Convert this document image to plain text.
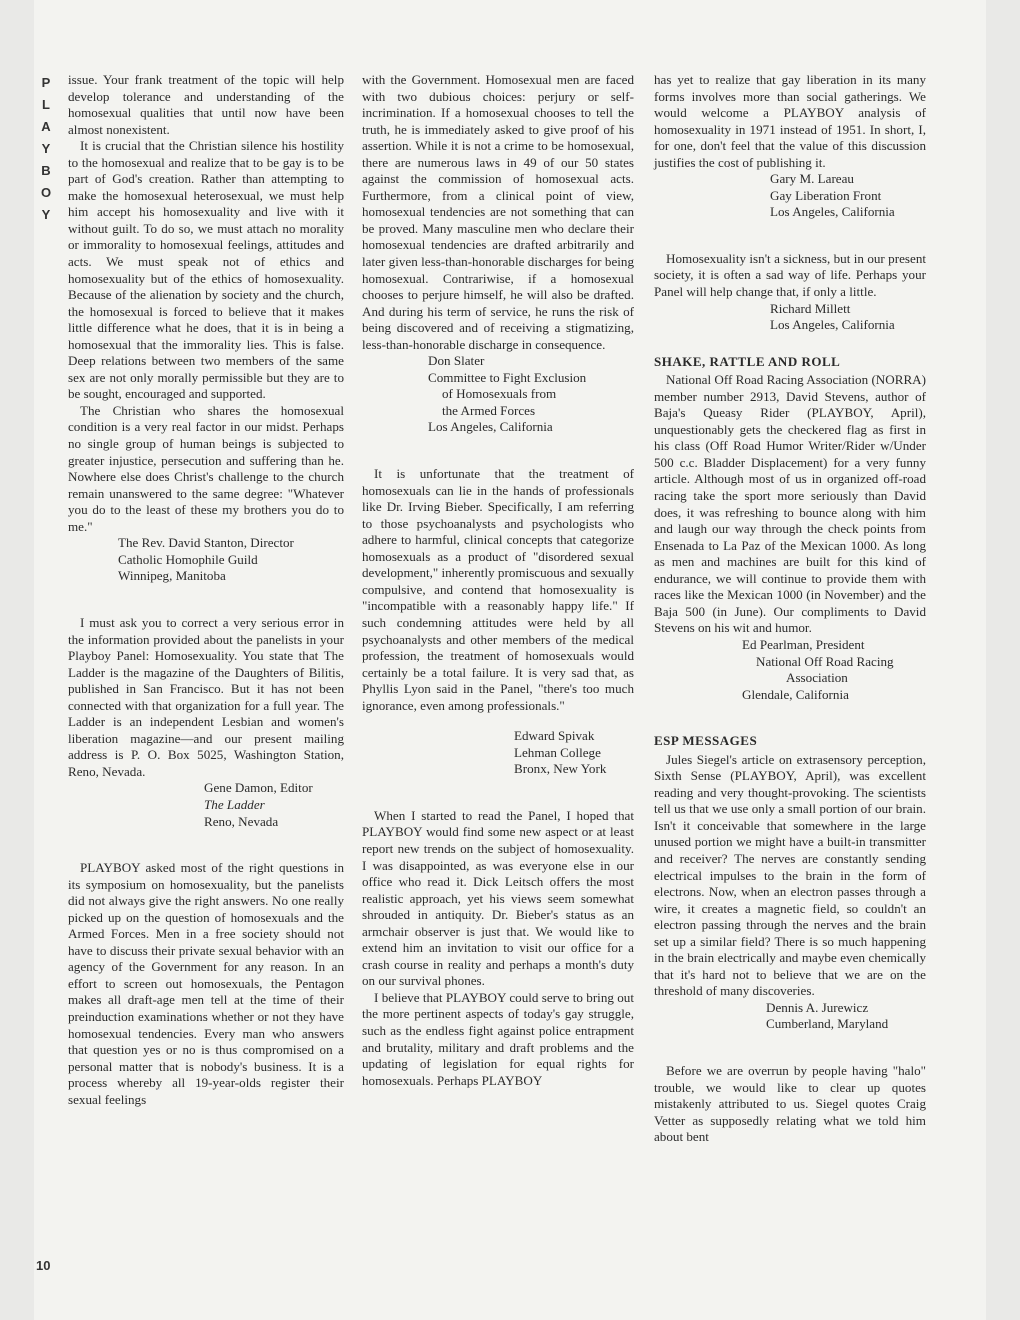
P
L
A
Y
B
O
Y
10

issue. Your frank treatment of the topic will help develop tolerance and understanding of the homosexual qualities that until now have been almost nonexistent.

It is crucial that the Christian silence his hostility to the homosexual and realize that to be gay is to be part of God's creation. Rather than attempting to make the homosexual heterosexual, we must help him accept his homosexuality and live with it without guilt. To do so, we must attach no morality or immorality to homosexual feelings, attitudes and acts. We must speak not of ethics and homosexuality but of the ethics of homosexuality. Because of the alienation by society and the church, the homosexual is forced to believe that it makes little difference what he does, that it is in being a homosexual that the immorality lies. This is false. Deep relations between two members of the same sex are not only morally permissible but they are to be sought, encouraged and supported.

The Christian who shares the homosexual condition is a very real factor in our midst. Perhaps no single group of human beings is subjected to greater injustice, persecution and suffering than he. Nowhere else does Christ's challenge to the church remain unanswered to the same degree: "Whatever you do to the least of these my brothers you do to me."

The Rev. David Stanton, Director
Catholic Homophile Guild
Winnipeg, Manitoba

I must ask you to correct a very serious error in the information provided about the panelists in your Playboy Panel: Homosexuality. You state that The Ladder is the magazine of the Daughters of Bilitis, published in San Francisco. But it has not been connected with that organization for a full year. The Ladder is an independent Lesbian and women's liberation magazine—and our present mailing address is P. O. Box 5025, Washington Station, Reno, Nevada.

Gene Damon, Editor
The Ladder
Reno, Nevada

PLAYBOY asked most of the right questions in its symposium on homosexuality, but the panelists did not always give the right answers. No one really picked up on the question of homosexuals and the Armed Forces. Men in a free society should not have to discuss their private sexual behavior with an agency of the Government for any reason. In an effort to screen out homosexuals, the Pentagon makes all draft-age men tell at the time of their preinduction examinations whether or not they have homosexual tendencies. Every man who answers that question yes or no is thus compromised on a personal matter that is nobody's business. It is a process whereby all 19-year-olds register their sexual feelings

with the Government. Homosexual men are faced with two dubious choices: perjury or self-incrimination. If a homosexual chooses to tell the truth, he is immediately asked to give proof of his assertion. While it is not a crime to be homosexual, there are numerous laws in 49 of our 50 states against the commission of homosexual acts. Furthermore, from a clinical point of view, homosexual tendencies are not something that can be proved. Many masculine men who declare their homosexual tendencies are drafted arbitrarily and later given less-than-honorable discharges for being homosexual. Contrariwise, if a homosexual chooses to perjure himself, he will also be drafted. And during his term of service, he runs the risk of being discovered and of receiving a stigmatizing, less-than-honorable discharge in consequence.

Don Slater
Committee to Fight Exclusion
of Homosexuals from
the Armed Forces
Los Angeles, California

It is unfortunate that the treatment of homosexuals can lie in the hands of professionals like Dr. Irving Bieber. Specifically, I am referring to those psychoanalysts and psychologists who adhere to harmful, clinical concepts that categorize homosexuals as a product of "disordered sexual development," inherently promiscuous and sexually compulsive, and contend that homosexuality is "incompatible with a reasonably happy life." If such condemning attitudes were held by all psychoanalysts and other members of the medical profession, the treatment of homosexuals would certainly be a total failure. It is very sad that, as Phyllis Lyon said in the Panel, "there's too much ignorance, even among professionals."

Edward Spivak
Lehman College
Bronx, New York

When I started to read the Panel, I hoped that PLAYBOY would find some new aspect or at least report new trends on the subject of homosexuality. I was disappointed, as was everyone else in our office who read it. Dick Leitsch offers the most realistic approach, yet his views seem somewhat shrouded in antiquity. Dr. Bieber's status as an armchair observer is just that. We would like to extend him an invitation to visit our office for a crash course in reality and perhaps a month's duty on our survival phones.

I believe that PLAYBOY could serve to bring out the more pertinent aspects of today's gay struggle, such as the endless fight against police entrapment and brutality, military and draft problems and the updating of legislation for equal rights for homosexuals. Perhaps PLAYBOY

has yet to realize that gay liberation in its many forms involves more than social gatherings. We would welcome a PLAYBOY analysis of homosexuality in 1971 instead of 1951. In short, I, for one, don't feel that the value of this discussion justifies the cost of publishing it.

Gary M. Lareau
Gay Liberation Front
Los Angeles, California

Homosexuality isn't a sickness, but in our present society, it is often a sad way of life. Perhaps your Panel will help change that, if only a little.

Richard Millett
Los Angeles, California
SHAKE, RATTLE AND ROLL

National Off Road Racing Association (NORRA) member number 2913, David Stevens, author of Baja's Queasy Rider (PLAYBOY, April), unquestionably gets the checkered flag as first in his class (Off Road Humor Writer/Rider w/Under 500 c.c. Bladder Displacement) for a very funny article. Although most of us in organized off-road racing take the sport more seriously than David does, it was refreshing to bounce along with him and laugh our way through the check points from Ensenada to La Paz of the Mexican 1000. As long as men and machines are built for this kind of endurance, we will continue to provide them with races like the Mexican 1000 (in November) and the Baja 500 (in June). Our compliments to David Stevens on his wit and humor.

Ed Pearlman, President
National Off Road Racing
Association
Glendale, California
ESP MESSAGES

Jules Siegel's article on extrasensory perception, Sixth Sense (PLAYBOY, April), was excellent reading and very thought-provoking. The scientists tell us that we use only a small portion of our brain. Isn't it conceivable that somewhere in the large unused portion we might have a built-in transmitter and receiver? The nerves are constantly sending electrical impulses to the brain in the form of electrons. Now, when an electron passes through a wire, it creates a magnetic field, so couldn't an electron passing through the nerves and the brain set up a similar field? There is so much happening in the brain electrically and maybe even chemically that it's hard not to believe that we are on the threshold of many discoveries.

Dennis A. Jurewicz
Cumberland, Maryland

Before we are overrun by people having "halo" trouble, we would like to clear up quotes mistakenly attributed to us. Siegel quotes Craig Vetter as supposedly relating what we told him about bent
